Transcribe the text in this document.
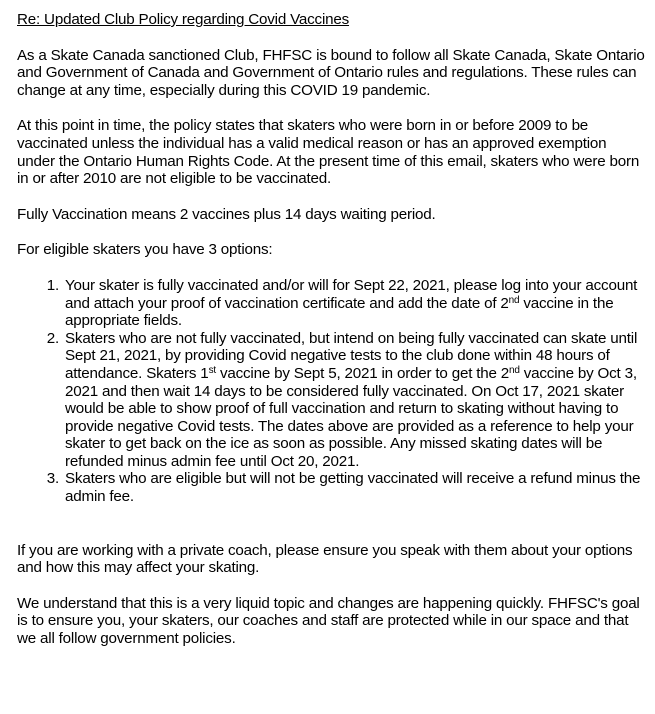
Re: Updated Club Policy regarding Covid Vaccines

As a Skate Canada sanctioned Club, FHFSC is bound to follow all Skate Canada, Skate Ontario and Government of Canada and Government of Ontario rules and regulations. These rules can change at any time, especially during this COVID 19 pandemic.

At this point in time, the policy states that skaters who were born in or before 2009 to be vaccinated unless the individual has a valid medical reason or has an approved exemption under the Ontario Human Rights Code. At the present time of this email, skaters who were born in or after 2010 are not eligible to be vaccinated.

Fully Vaccination means 2 vaccines plus 14 days waiting period.

For eligible skaters you have 3 options:

1. Your skater is fully vaccinated and/or will for Sept 22, 2021, please log into your account and attach your proof of vaccination certificate and add the date of 2nd vaccine in the appropriate fields.
2. Skaters who are not fully vaccinated, but intend on being fully vaccinated can skate until Sept 21, 2021, by providing Covid negative tests to the club done within 48 hours of attendance. Skaters 1st vaccine by Sept 5, 2021 in order to get the 2nd vaccine by Oct 3, 2021 and then wait 14 days to be considered fully vaccinated. On Oct 17, 2021 skater would be able to show proof of full vaccination and return to skating without having to provide negative Covid tests. The dates above are provided as a reference to help your skater to get back on the ice as soon as possible. Any missed skating dates will be refunded minus admin fee until Oct 20, 2021.
3. Skaters who are eligible but will not be getting vaccinated will receive a refund minus the admin fee.

If you are working with a private coach, please ensure you speak with them about your options and how this may affect your skating.

We understand that this is a very liquid topic and changes are happening quickly. FHFSC's goal is to ensure you, your skaters, our coaches and staff are protected while in our space and that we all follow government policies.
